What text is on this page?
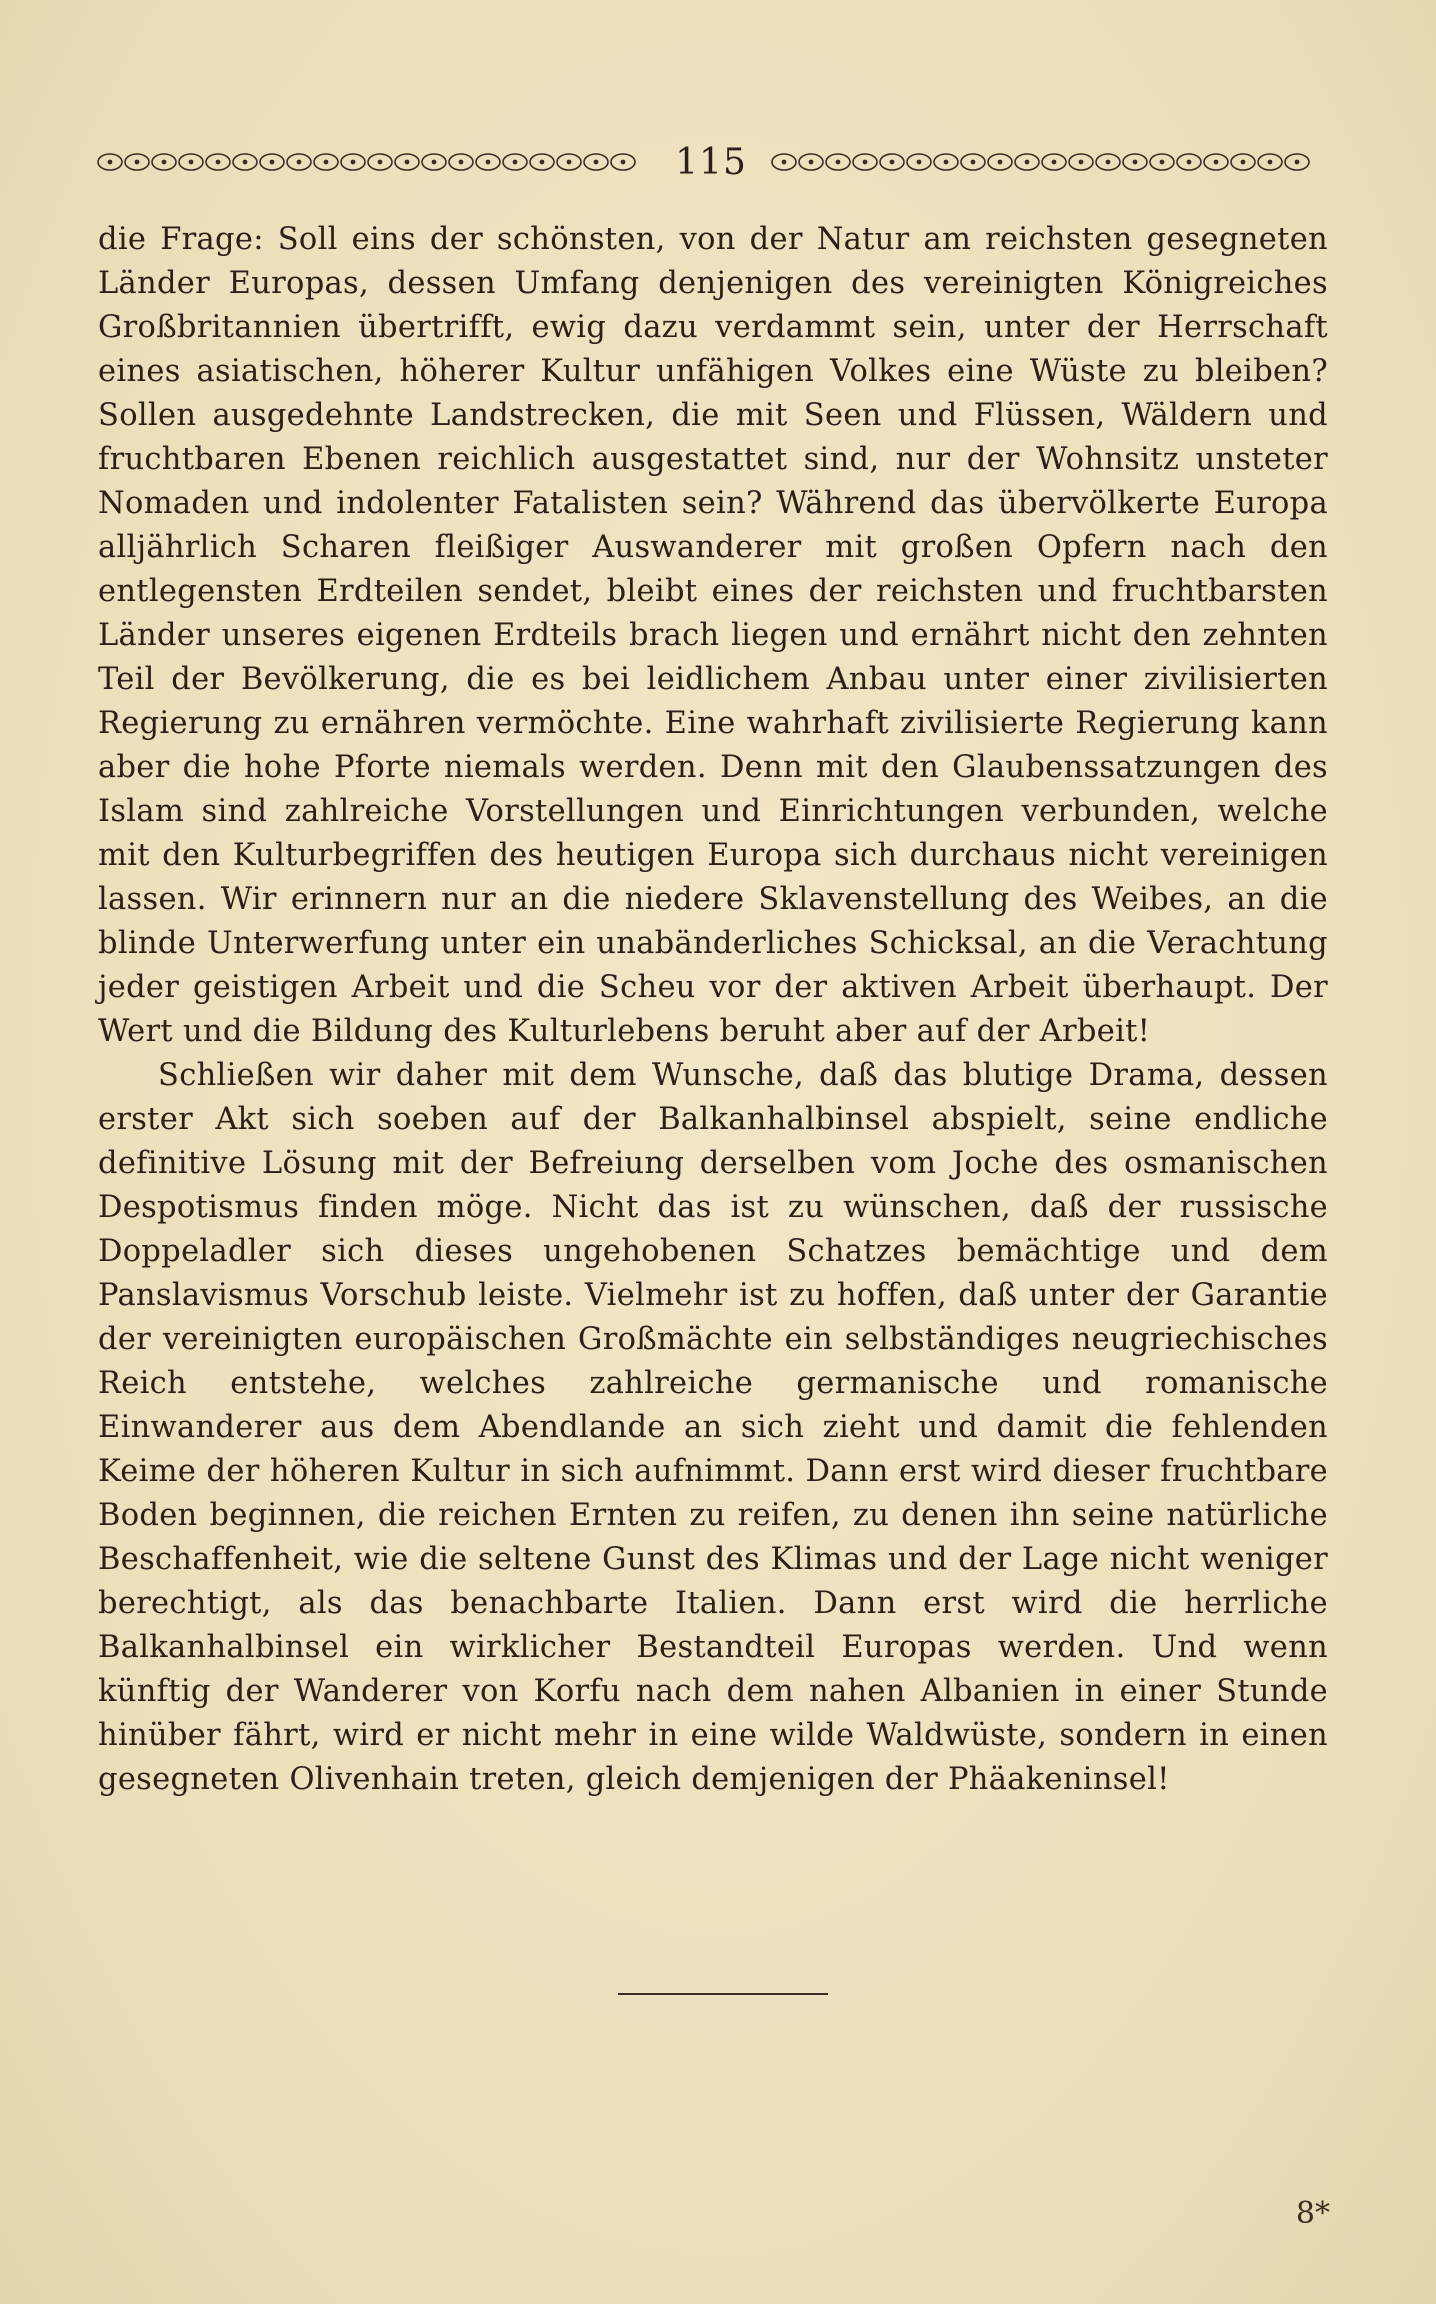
115

die Frage: Soll eins der schönsten, von der Natur am reichsten gesegneten Länder Europas, dessen Umfang denjenigen des vereinigten Königreiches Großbritannien übertrifft, ewig dazu verdammt sein, unter der Herrschaft eines asiatischen, höherer Kultur unfähigen Volkes eine Wüste zu bleiben? Sollen ausgedehnte Landstrecken, die mit Seen und Flüssen, Wäldern und fruchtbaren Ebenen reichlich ausgestattet sind, nur der Wohnsitz unsteter Nomaden und indolenter Fatalisten sein? Während das übervölkerte Europa alljährlich Scharen fleißiger Auswanderer mit großen Opfern nach den entlegensten Erdteilen sendet, bleibt eines der reichsten und fruchtbarsten Länder unseres eigenen Erdteils brach liegen und ernährt nicht den zehnten Teil der Bevölkerung, die es bei leidlichem Anbau unter einer zivilisierten Regierung zu ernähren vermöchte. Eine wahrhaft zivilisierte Regierung kann aber die hohe Pforte niemals werden. Denn mit den Glaubenssatzungen des Islam sind zahlreiche Vorstellungen und Einrichtungen verbunden, welche mit den Kulturbegriffen des heutigen Europa sich durchaus nicht vereinigen lassen. Wir erinnern nur an die niedere Sklavenstellung des Weibes, an die blinde Unterwerfung unter ein unabänderliches Schicksal, an die Verachtung jeder geistigen Arbeit und die Scheu vor der aktiven Arbeit überhaupt. Der Wert und die Bildung des Kulturlebens beruht aber auf der Arbeit!

Schließen wir daher mit dem Wunsche, daß das blutige Drama, dessen erster Akt sich soeben auf der Balkanhalbinsel abspielt, seine endliche definitive Lösung mit der Befreiung derselben vom Joche des osmanischen Despotismus finden möge. Nicht das ist zu wünschen, daß der russische Doppeladler sich dieses ungehobenen Schatzes bemächtige und dem Panslavismus Vorschub leiste. Vielmehr ist zu hoffen, daß unter der Garantie der vereinigten europäischen Großmächte ein selbständiges neugriechisches Reich entstehe, welches zahlreiche germanische und romanische Einwanderer aus dem Abendlande an sich zieht und damit die fehlenden Keime der höheren Kultur in sich aufnimmt. Dann erst wird dieser fruchtbare Boden beginnen, die reichen Ernten zu reifen, zu denen ihn seine natürliche Beschaffenheit, wie die seltene Gunst des Klimas und der Lage nicht weniger berechtigt, als das benachbarte Italien. Dann erst wird die herrliche Balkanhalbinsel ein wirklicher Bestandteil Europas werden. Und wenn künftig der Wanderer von Korfu nach dem nahen Albanien in einer Stunde hinüber fährt, wird er nicht mehr in eine wilde Waldwüste, sondern in einen gesegneten Olivenhain treten, gleich demjenigen der Phäakeninsel!

8*
